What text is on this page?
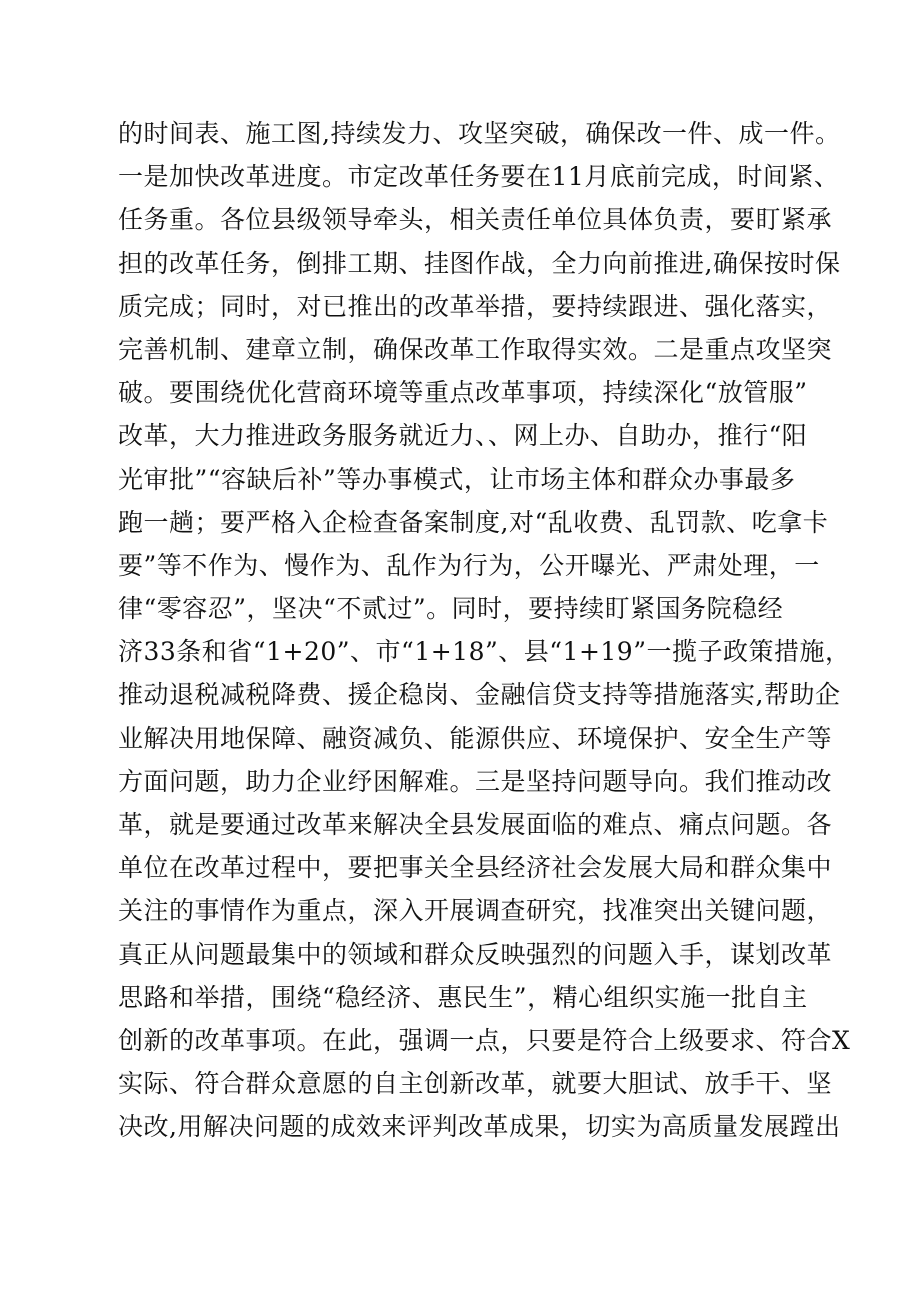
的时间表、施工图,持续发力、攻坚突破，确保改一件、成一件。
一是加快改革进度。市定改革任务要在11月底前完成，时间紧、
任务重。各位县级领导牵头，相关责任单位具体负责，要盯紧承
担的改革任务，倒排工期、挂图作战，全力向前推进,确保按时保
质完成；同时，对已推出的改革举措，要持续跟进、强化落实，
完善机制、建章立制，确保改革工作取得实效。二是重点攻坚突
破。要围绕优化营商环境等重点改革事项，持续深化“放管服”
改革，大力推进政务服务就近力、、网上办、自助办，推行“阳
光审批”“容缺后补”等办事模式，让市场主体和群众办事最多
跑一趟；要严格入企检查备案制度,对“乱收费、乱罚款、吃拿卡
要”等不作为、慢作为、乱作为行为，公开曝光、严肃处理，一
律“零容忍”，坚决“不贰过”。同时，要持续盯紧国务院稳经
济33条和省“1+20”、市“1+18”、县“1+19”一揽子政策措施，
推动退税减税降费、援企稳岗、金融信贷支持等措施落实,帮助企
业解决用地保障、融资减负、能源供应、环境保护、安全生产等
方面问题，助力企业纾困解难。三是坚持问题导向。我们推动改
革，就是要通过改革来解决全县发展面临的难点、痛点问题。各
单位在改革过程中，要把事关全县经济社会发展大局和群众集中
关注的事情作为重点，深入开展调查研究，找准突出关键问题，
真正从问题最集中的领域和群众反映强烈的问题入手，谋划改革
思路和举措，围绕“稳经济、惠民生”，精心组织实施一批自主
创新的改革事项。在此，强调一点，只要是符合上级要求、符合X
实际、符合群众意愿的自主创新改革，就要大胆试、放手干、坚
决改,用解决问题的成效来评判改革成果，切实为高质量发展蹚出
